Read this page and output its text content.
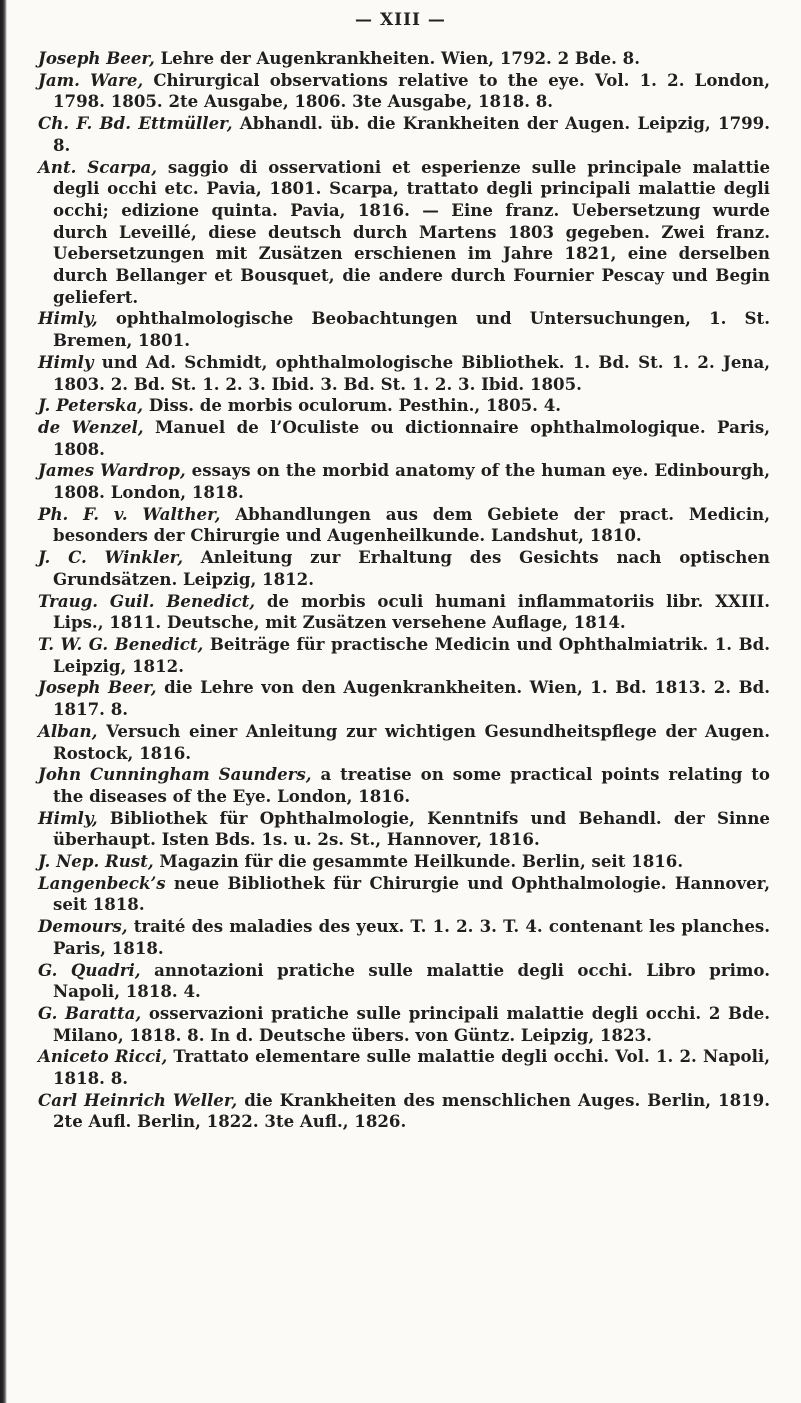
— XIII —

Joseph Beer, Lehre der Augenkrankheiten. Wien, 1792. 2 Bde. 8.

Jam. Ware, Chirurgical observations relative to the eye. Vol. 1. 2. London, 1798. 1805. 2te Ausgabe, 1806. 3te Ausgabe, 1818. 8.

Ch. F. Bd. Ettmüller, Abhandl. üb. die Krankheiten der Augen. Leipzig, 1799. 8.

Ant. Scarpa, saggio di osservationi et esperienze sulle principale malattie degli occhi etc. Pavia, 1801. Scarpa, trattato degli principali malattie degli occhi; edizione quinta. Pavia, 1816. — Eine franz. Uebersetzung wurde durch Leveillé, diese deutsch durch Martens 1803 gegeben. Zwei franz. Uebersetzungen mit Zusätzen erschienen im Jahre 1821, eine derselben durch Bellanger et Bousquet, die andere durch Fournier Pescay und Begin geliefert.

Himly, ophthalmologische Beobachtungen und Untersuchungen, 1. St. Bremen, 1801.

Himly und Ad. Schmidt, ophthalmologische Bibliothek. 1. Bd. St. 1. 2. Jena, 1803. 2. Bd. St. 1. 2. 3. Ibid. 3. Bd. St. 1. 2. 3. Ibid. 1805.

J. Peterska, Diss. de morbis oculorum. Pesthin., 1805. 4.

de Wenzel, Manuel de l’Oculiste ou dictionnaire ophthalmologique. Paris, 1808.

James Wardrop, essays on the morbid anatomy of the human eye. Edinbourgh, 1808. London, 1818.

Ph. F. v. Walther, Abhandlungen aus dem Gebiete der pract. Medicin, besonders der Chirurgie und Augenheilkunde. Landshut, 1810.

J. C. Winkler, Anleitung zur Erhaltung des Gesichts nach optischen Grundsätzen. Leipzig, 1812.

Traug. Guil. Benedict, de morbis oculi humani inflammatoriis libr. XXIII. Lips., 1811. Deutsche, mit Zusätzen versehene Auflage, 1814.

T. W. G. Benedict, Beiträge für practische Medicin und Ophthalmiatrik. 1. Bd. Leipzig, 1812.

Joseph Beer, die Lehre von den Augenkrankheiten. Wien, 1. Bd. 1813. 2. Bd. 1817. 8.

Alban, Versuch einer Anleitung zur wichtigen Gesundheitspflege der Augen. Rostock, 1816.

John Cunningham Saunders, a treatise on some practical points relating to the diseases of the Eye. London, 1816.

Himly, Bibliothek für Ophthalmologie, Kenntnifs und Behandl. der Sinne überhaupt. Isten Bds. 1s. u. 2s. St., Hannover, 1816.

J. Nep. Rust, Magazin für die gesammte Heilkunde. Berlin, seit 1816.

Langenbeck’s neue Bibliothek für Chirurgie und Ophthalmologie. Hannover, seit 1818.

Demours, traité des maladies des yeux. T. 1. 2. 3. T. 4. contenant les planches. Paris, 1818.

G. Quadri, annotazioni pratiche sulle malattie degli occhi. Libro primo. Napoli, 1818. 4.

G. Baratta, osservazioni pratiche sulle principali malattie degli occhi. 2 Bde. Milano, 1818. 8. In d. Deutsche übers. von Güntz. Leipzig, 1823.

Aniceto Ricci, Trattato elementare sulle malattie degli occhi. Vol. 1. 2. Napoli, 1818. 8.

Carl Heinrich Weller, die Krankheiten des menschlichen Auges. Berlin, 1819. 2te Aufl. Berlin, 1822. 3te Aufl., 1826.
